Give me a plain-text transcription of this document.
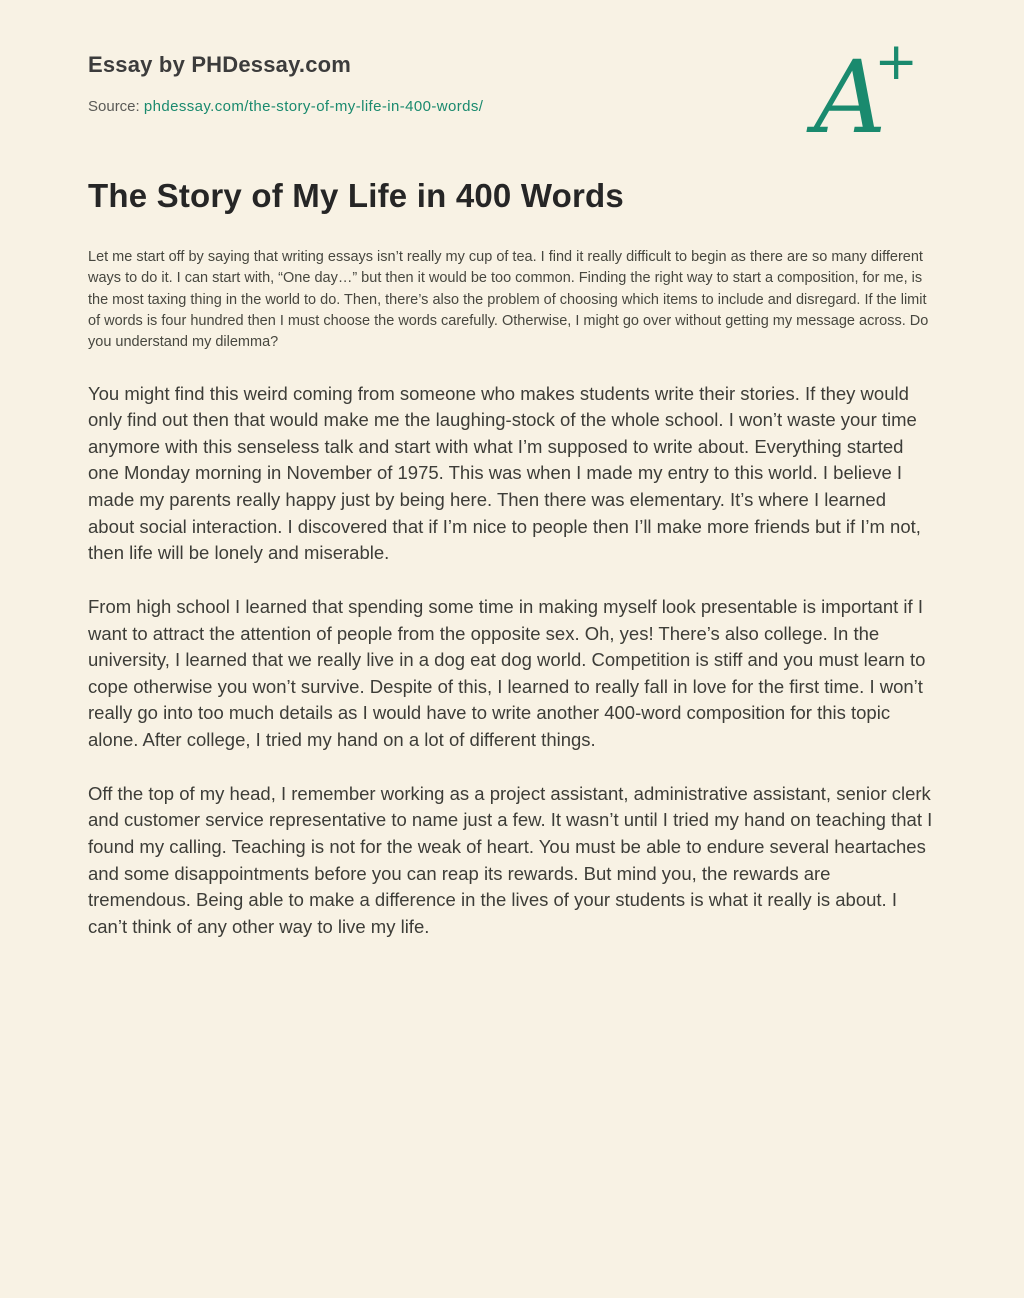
Essay by PHDessay.com
Source: phdessay.com/the-story-of-my-life-in-400-words/	A
+
The Story of My Life in 400 Words

Let me start off by saying that writing essays isn’t really my cup of tea. I find it really difficult to begin as there are so many different ways to do it. I can start with, “One day…” but then it would be too common. Finding the right way to start a composition, for me, is the most taxing thing in the world to do. Then, there’s also the problem of choosing which items to include and disregard. If the limit of words is four hundred then I must choose the words carefully. Otherwise, I might go over without getting my message across. Do you understand my dilemma?

You might find this weird coming from someone who makes students write their stories. If they would only find out then that would make me the laughing-stock of the whole school. I won’t waste your time anymore with this senseless talk and start with what I’m supposed to write about. Everything started one Monday morning in November of 1975. This was when I made my entry to this world. I believe I made my parents really happy just by being here. Then there was elementary. It’s where I learned about social interaction. I discovered that if I’m nice to people then I’ll make more friends but if I’m not, then life will be lonely and miserable.

From high school I learned that spending some time in making myself look presentable is important if I want to attract the attention of people from the opposite sex. Oh, yes! There’s also college. In the university, I learned that we really live in a dog eat dog world. Competition is stiff and you must learn to cope otherwise you won’t survive. Despite of this, I learned to really fall in love for the first time. I won’t really go into too much details as I would have to write another 400-word composition for this topic alone. After college, I tried my hand on a lot of different things.

Off the top of my head, I remember working as a project assistant, administrative assistant, senior clerk and customer service representative to name just a few. It wasn’t until I tried my hand on teaching that I found my calling. Teaching is not for the weak of heart. You must be able to endure several heartaches and some disappointments before you can reap its rewards. But mind you, the rewards are tremendous. Being able to make a difference in the lives of your students is what it really is about. I can’t think of any other way to live my life.
